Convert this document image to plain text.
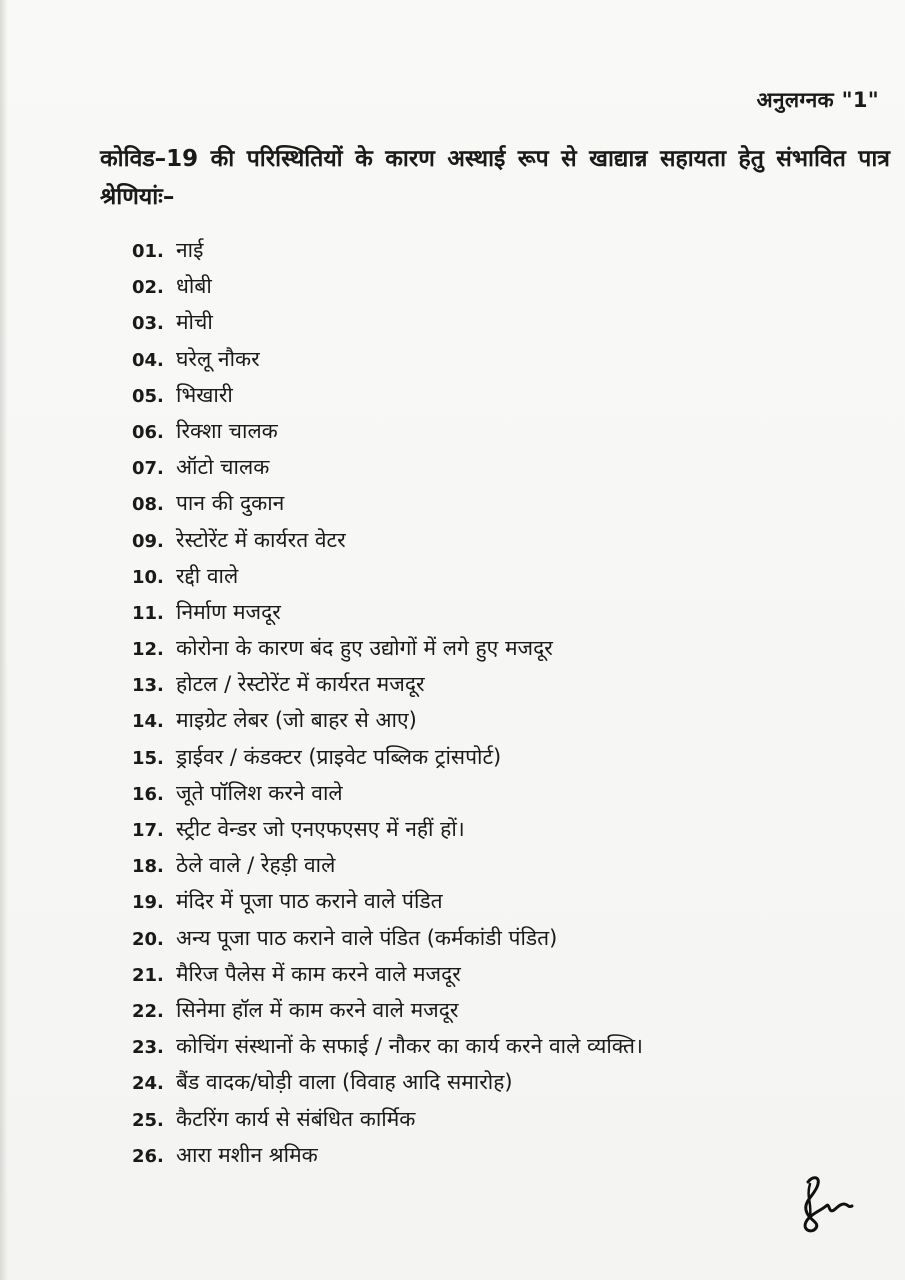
अनुलग्नक "1"
कोविड–19 की परिस्थितियों के कारण अस्थाई रूप से खाद्यान्न सहायता हेतु संभावित पात्र श्रेणियांः–
01. नाई
02. धोबी
03. मोची
04. घरेलू नौकर
05. भिखारी
06. रिक्शा चालक
07. ऑटो चालक
08. पान की दुकान
09. रेस्टोरेंट में कार्यरत वेटर
10. रद्दी वाले
11. निर्माण मजदूर
12. कोरोना के कारण बंद हुए उद्योगों में लगे हुए मजदूर
13. होटल / रेस्टोरेंट में कार्यरत मजदूर
14. माइग्रेट लेबर (जो बाहर से आए)
15. ड्राईवर / कंडक्टर (प्राइवेट पब्लिक ट्रांसपोर्ट)
16. जूते पॉलिश करने वाले
17. स्ट्रीट वेन्डर जो एनएफएसए में नहीं हों।
18. ठेले वाले / रेहड़ी वाले
19. मंदिर में पूजा पाठ कराने वाले पंडित
20. अन्य पूजा पाठ कराने वाले पंडित (कर्मकांडी पंडित)
21. मैरिज पैलेस में काम करने वाले मजदूर
22. सिनेमा हॉल में काम करने वाले मजदूर
23. कोचिंग संस्थानों के सफाई / नौकर का कार्य करने वाले व्यक्ति।
24. बैंड वादक/घोड़ी वाला (विवाह आदि समारोह)
25. कैटरिंग कार्य से संबंधित कार्मिक
26. आरा मशीन श्रमिक
